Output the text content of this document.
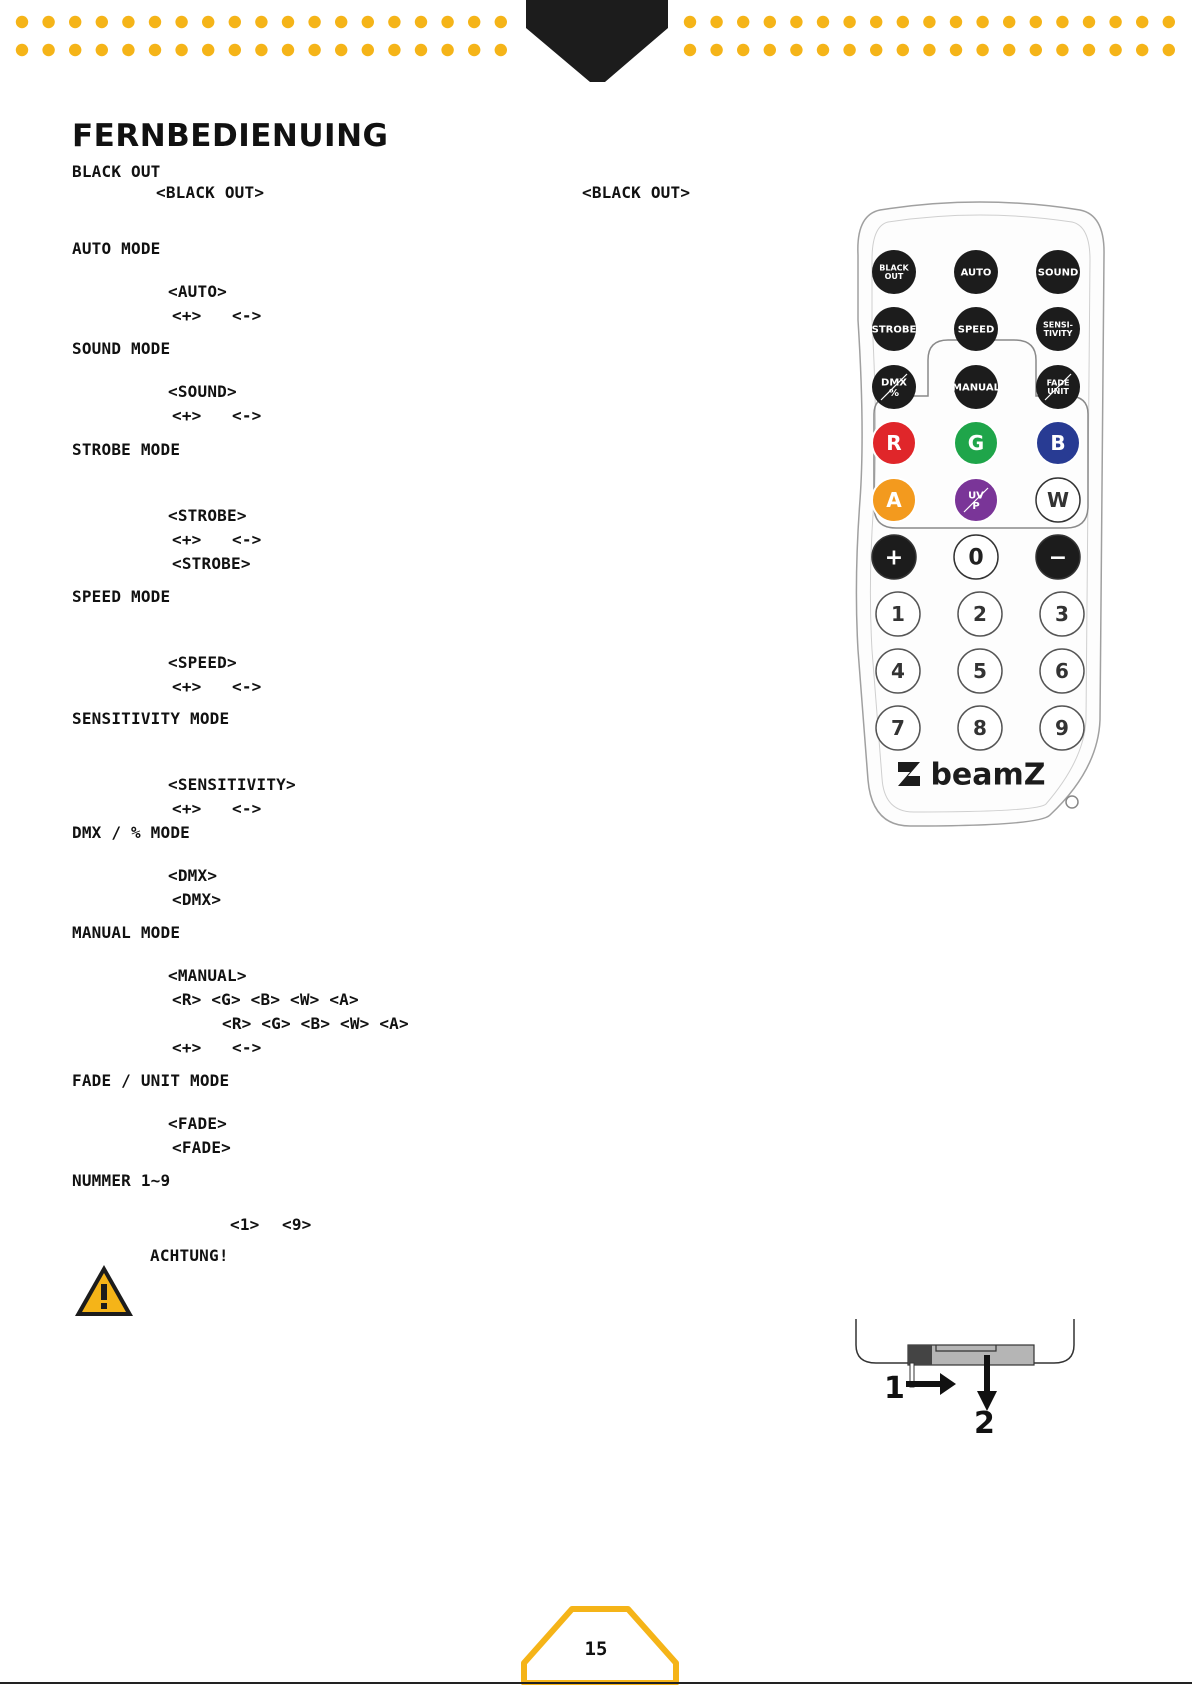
FERNBEDIENUING
BLACK OUT
<BLACK OUT>	<BLACK OUT>
AUTO MODE
<AUTO>
<+> <->
SOUND MODE
<SOUND>
<+> <->
STROBE MODE
<STROBE>
<+> <->
<STROBE>
SPEED MODE
<SPEED>
<+> <->
SENSITIVITY MODE
<SENSITIVITY>
<+> <->
DMX / % MODE
<DMX>
<DMX>
MANUAL MODE
<MANUAL>
<R> <G> <B> <W> <A>
<R> <G> <B> <W> <A>
<+> <->
FADE / UNIT MODE
<FADE>
<FADE>
NUMMER 1~9
<1> <9>
ACHTUNG!
BLACK OUT	AUTO	SOUND
STROBE	SPEED	SENSI-TIVITY
DMX %	MANUAL	FADE UNIT
R	G	B
A	UV P	W
+	0	−
1	2	3
4	5	6
7	8	9
beamZ
1
2
15
